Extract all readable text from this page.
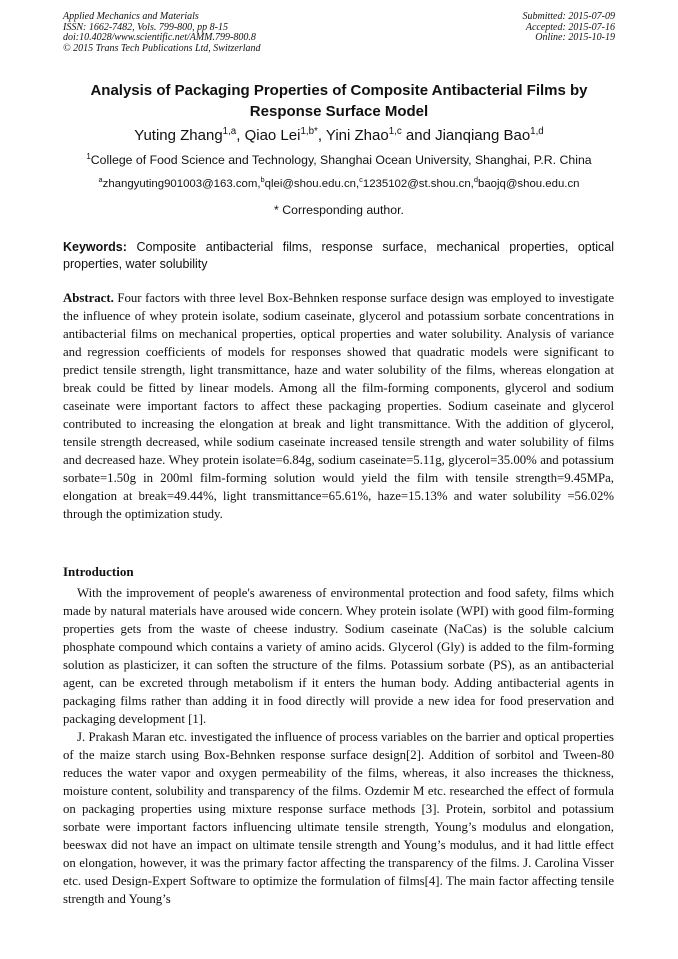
Applied Mechanics and Materials
ISSN: 1662-7482, Vols. 799-800, pp 8-15
doi:10.4028/www.scientific.net/AMM.799-800.8
© 2015 Trans Tech Publications Ltd, Switzerland
Submitted: 2015-07-09
Accepted: 2015-07-16
Online: 2015-10-19
Analysis of Packaging Properties of Composite Antibacterial Films by Response Surface Model
Yuting Zhang$^{1,a}$, Qiao Lei$^{1,b*}$, Yini Zhao$^{1,c}$ and Jianqiang Bao$^{1,d}$
$^1$College of Food Science and Technology, Shanghai Ocean University, Shanghai, P.R. China
$^a$zhangyuting901003@163.com,$^b$qlei@shou.edu.cn,$^c$1235102@st.shou.cn,$^d$baojq@shou.edu.cn
* Corresponding author.
Keywords: Composite antibacterial films, response surface, mechanical properties, optical properties, water solubility
Abstract. Four factors with three level Box-Behnken response surface design was employed to investigate the influence of whey protein isolate, sodium caseinate, glycerol and potassium sorbate concentrations in antibacterial films on mechanical properties, optical properties and water solubility. Analysis of variance and regression coefficients of models for responses showed that quadratic models were significant to predict tensile strength, light transmittance, haze and water solubility of the films, whereas elongation at break could be fitted by linear models. Among all the film-forming components, glycerol and sodium caseinate were important factors to affect these packaging properties. Sodium caseinate and glycerol contributed to increasing the elongation at break and light transmittance. With the addition of glycerol, tensile strength decreased, while sodium caseinate increased tensile strength and water solubility of films and decreased haze. Whey protein isolate=6.84g, sodium caseinate=5.11g, glycerol=35.00% and potassium sorbate=1.50g in 200ml film-forming solution would yield the film with tensile strength=9.45MPa, elongation at break=49.44%, light transmittance=65.61%, haze=15.13% and water solubility =56.02% through the optimization study.
Introduction

With the improvement of people's awareness of environmental protection and food safety, films which made by natural materials have aroused wide concern. Whey protein isolate (WPI) with good film-forming properties gets from the waste of cheese industry. Sodium caseinate (NaCas) is the soluble calcium phosphate compound which contains a variety of amino acids. Glycerol (Gly) is added to the film-forming solution as plasticizer, it can soften the structure of the films. Potassium sorbate (PS), as an antibacterial agent, can be excreted through metabolism if it enters the human body. Adding antibacterial agents in packaging films rather than adding it in food directly will provide a new idea for food preservation and packaging development [1].

J. Prakash Maran etc. investigated the influence of process variables on the barrier and optical properties of the maize starch using Box-Behnken response surface design[2]. Addition of sorbitol and Tween-80 reduces the water vapor and oxygen permeability of the films, whereas, it also increases the thickness, moisture content, solubility and transparency of the films. Ozdemir M etc. researched the effect of formula on packaging properties using mixture response surface methods [3]. Protein, sorbitol and potassium sorbate were important factors influencing ultimate tensile strength, Young’s modulus and elongation, beeswax did not have an impact on ultimate tensile strength and Young’s modulus, and it had little effect on elongation, however, it was the primary factor affecting the transparency of the films. J. Carolina Visser etc. used Design-Expert Software to optimize the formulation of films[4]. The main factor affecting tensile strength and Young’s
